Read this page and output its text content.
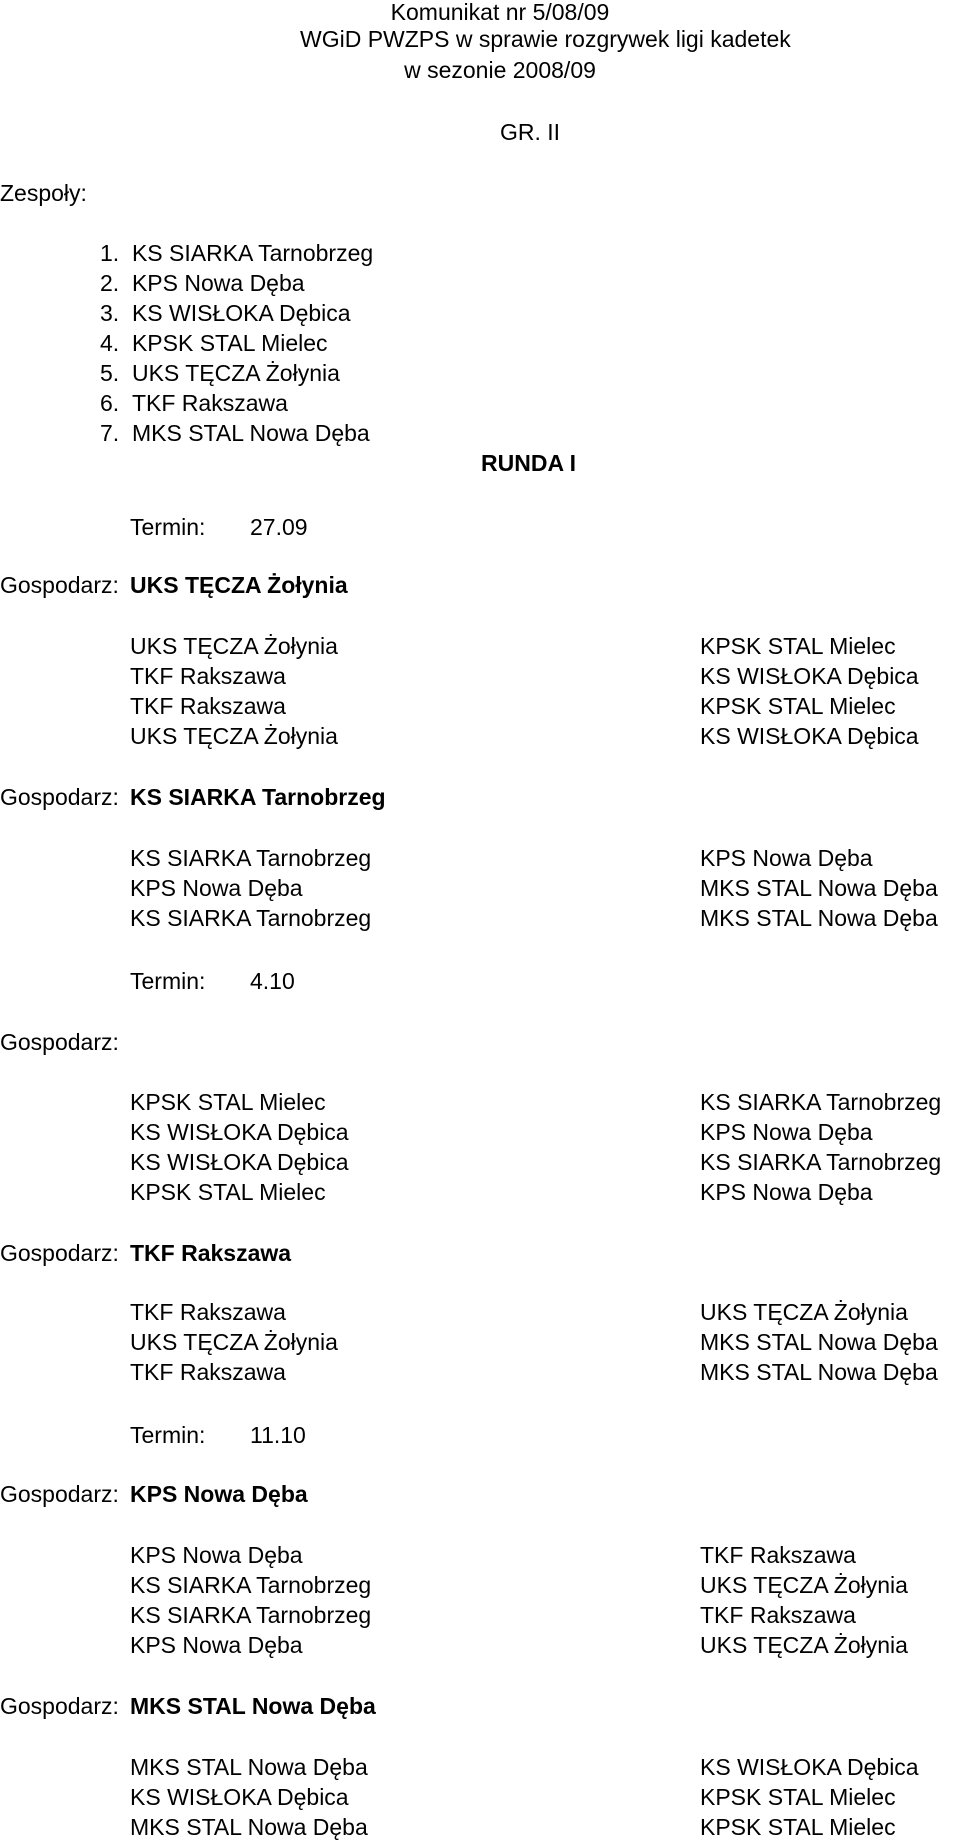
Komunikat nr 5/08/09
WGiD PWZPS w sprawie rozgrywek ligi kadetek
w sezonie 2008/09
GR. II
Zespoły:
1.  KS SIARKA Tarnobrzeg
2.  KPS Nowa Dęba
3.  KS WISŁOKA Dębica
4.  KPSK STAL Mielec
5.  UKS TĘCZA Żołynia
6.  TKF Rakszawa
7.  MKS STAL Nowa Dęba
RUNDA I
Termin: 27.09
Gospodarz: UKS TĘCZA Żołynia
UKS TĘCZA Żołynia	KPSK STAL Mielec
TKF Rakszawa	KS WISŁOKA Dębica
TKF Rakszawa	KPSK STAL Mielec
UKS TĘCZA Żołynia	KS WISŁOKA Dębica
Gospodarz: KS SIARKA Tarnobrzeg
KS SIARKA Tarnobrzeg	KPS Nowa Dęba
KPS Nowa Dęba	MKS STAL Nowa Dęba
KS SIARKA Tarnobrzeg	MKS STAL Nowa Dęba
Termin: 4.10
Gospodarz:
KPSK STAL Mielec	KS SIARKA Tarnobrzeg
KS WISŁOKA Dębica	KPS Nowa Dęba
KS WISŁOKA Dębica	KS SIARKA Tarnobrzeg
KPSK STAL Mielec	KPS Nowa Dęba
Gospodarz: TKF Rakszawa
TKF Rakszawa	UKS TĘCZA Żołynia
UKS TĘCZA Żołynia	MKS STAL Nowa Dęba
TKF Rakszawa	MKS STAL Nowa Dęba
Termin: 11.10
Gospodarz: KPS Nowa Dęba
KPS Nowa Dęba	TKF Rakszawa
KS SIARKA Tarnobrzeg	UKS TĘCZA Żołynia
KS SIARKA Tarnobrzeg	TKF Rakszawa
KPS Nowa Dęba	UKS TĘCZA Żołynia
Gospodarz: MKS STAL Nowa Dęba
MKS STAL Nowa Dęba	KS WISŁOKA Dębica
KS WISŁOKA Dębica	KPSK STAL Mielec
MKS STAL Nowa Dęba	KPSK STAL Mielec
